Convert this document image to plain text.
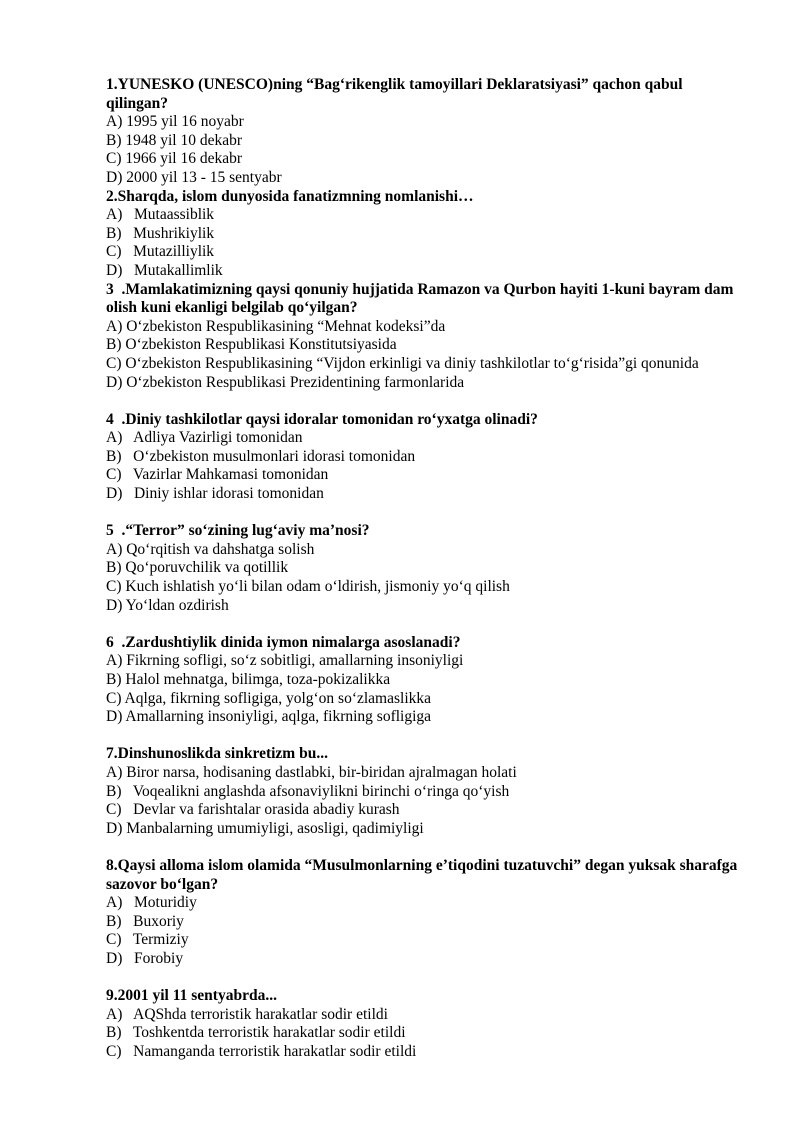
1.YUNESKO (UNESCO)ning “Bag‘rikenglik tamoyillari Deklaratsiyasi” qachon qabul qilingan?

A) 1995 yil 16 noyabr

B) 1948 yil 10 dekabr

C) 1966 yil 16 dekabr

D) 2000 yil 13 - 15 sentyabr

2.Sharqda, islom dunyosida fanatizmning nomlanishi…

A)   Mutaassiblik

B)   Mushrikiylik

C)   Mutazilliylik

D)   Mutakallimlik

3  .Mamlakatimizning qaysi qonuniy hujjatida Ramazon va Qurbon hayiti 1-kuni bayram dam olish kuni ekanligi belgilab qo‘yilgan?

A) O‘zbekiston Respublikasining “Mehnat kodeksi”da

B) O‘zbekiston Respublikasi Konstitutsiyasida

C) O‘zbekiston Respublikasining “Vijdon erkinligi va diniy tashkilotlar to‘g‘risida”gi qonunida

D) O‘zbekiston Respublikasi Prezidentining farmonlarida

4  .Diniy tashkilotlar qaysi idoralar tomonidan ro‘yxatga olinadi?

A)   Adliya Vazirligi tomonidan

B)   O‘zbekiston musulmonlari idorasi tomonidan

C)   Vazirlar Mahkamasi tomonidan

D)   Diniy ishlar idorasi tomonidan

5  .“Terror” so‘zining lug‘aviy ma’nosi?

A) Qo‘rqitish va dahshatga solish

B) Qo‘poruvchilik va qotillik

C) Kuch ishlatish yo‘li bilan odam o‘ldirish, jismoniy yo‘q qilish

D) Yo‘ldan ozdirish

6  .Zardushtiylik dinida iymon nimalarga asoslanadi?

A) Fikrning sofligi, so‘z sobitligi, amallarning insoniyligi

B) Halol mehnatga, bilimga, toza-pokizalikka

C) Aqlga, fikrning sofligiga, yolg‘on so‘zlamaslikka

D) Amallarning insoniyligi, aqlga, fikrning sofligiga

7.Dinshunoslikda sinkretizm bu...

A) Biror narsa, hodisaning dastlabki, bir-biridan ajralmagan holati

B)   Voqealikni anglashda afsonaviylikni birinchi o‘ringa qo‘yish

C)   Devlar va farishtalar orasida abadiy kurash

D) Manbalarning umumiyligi, asosligi, qadimiyligi

8.Qaysi alloma islom olamida “Musulmonlarning e’tiqodini tuzatuvchi” degan yuksak sharafga sazovor bo‘lgan?

A)   Moturidiy

B)   Buxoriy

C)   Termiziy

D)   Forobiy

9.2001 yil 11 sentyabrda...

A)   AQShda terroristik harakatlar sodir etildi

B)   Toshkentda terroristik harakatlar sodir etildi

C)   Namanganda terroristik harakatlar sodir etildi
